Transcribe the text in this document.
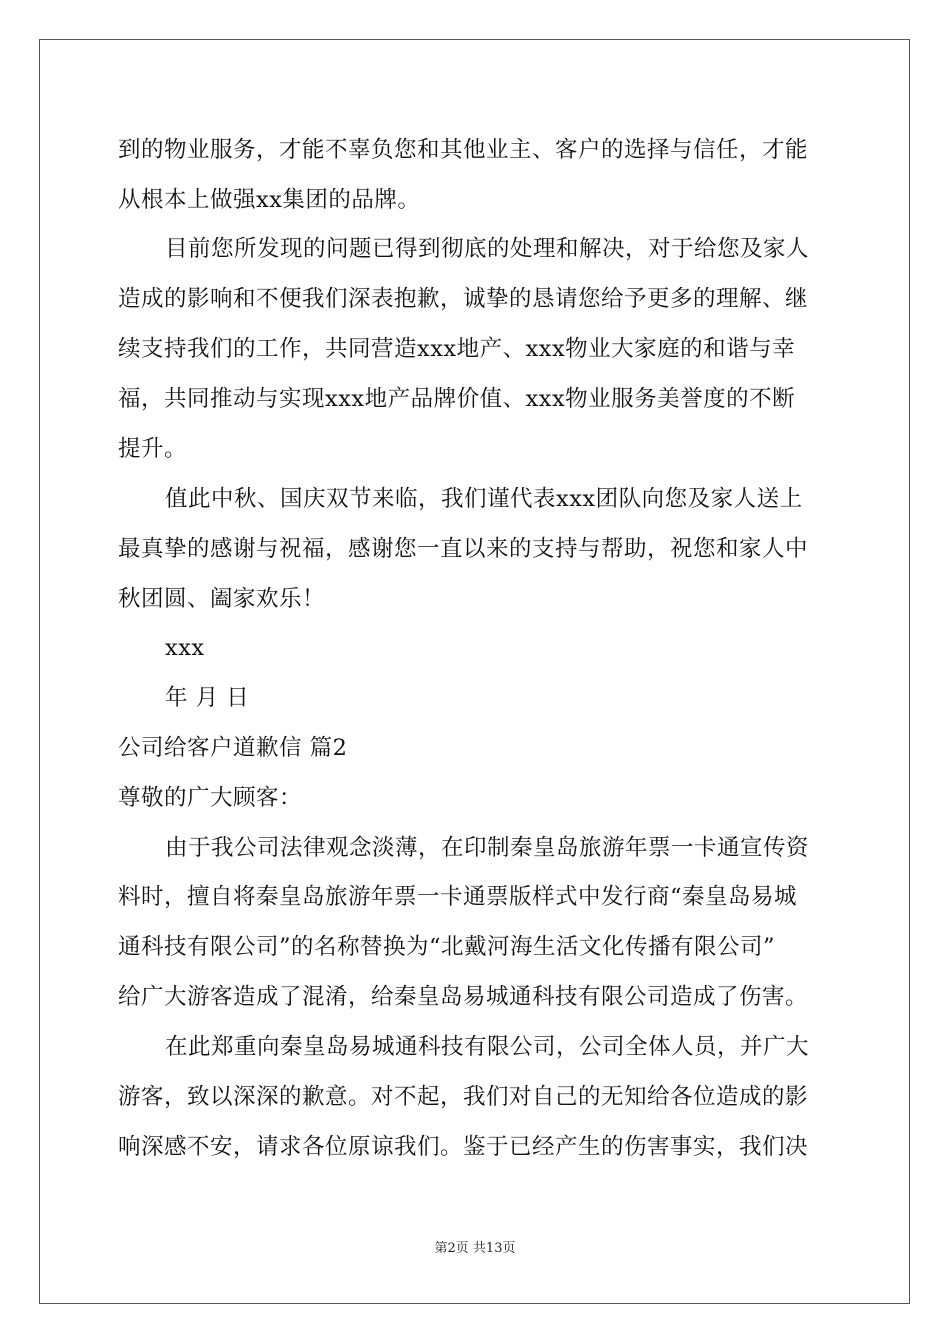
到的物业服务，才能不辜负您和其他业主、客户的选择与信任，才能
从根本上做强xx集团的品牌。
目前您所发现的问题已得到彻底的处理和解决，对于给您及家人
造成的影响和不便我们深表抱歉，诚挚的恳请您给予更多的理解、继
续支持我们的工作，共同营造xxx地产、xxx物业大家庭的和谐与幸
福，共同推动与实现xxx地产品牌价值、xxx物业服务美誉度的不断
提升。
值此中秋、国庆双节来临，我们谨代表xxx团队向您及家人送上
最真挚的感谢与祝福，感谢您一直以来的支持与帮助，祝您和家人中
秋团圆、阖家欢乐！
xxx
年 月 日
公司给客户道歉信 篇2
尊敬的广大顾客：
由于我公司法律观念淡薄，在印制秦皇岛旅游年票一卡通宣传资
料时，擅自将秦皇岛旅游年票一卡通票版样式中发行商“秦皇岛易城
通科技有限公司”的名称替换为“北戴河海生活文化传播有限公司”
给广大游客造成了混淆，给秦皇岛易城通科技有限公司造成了伤害。
在此郑重向秦皇岛易城通科技有限公司，公司全体人员，并广大
游客，致以深深的歉意。对不起，我们对自己的无知给各位造成的影
响深感不安，请求各位原谅我们。鉴于已经产生的伤害事实，我们决
第2页 共13页
